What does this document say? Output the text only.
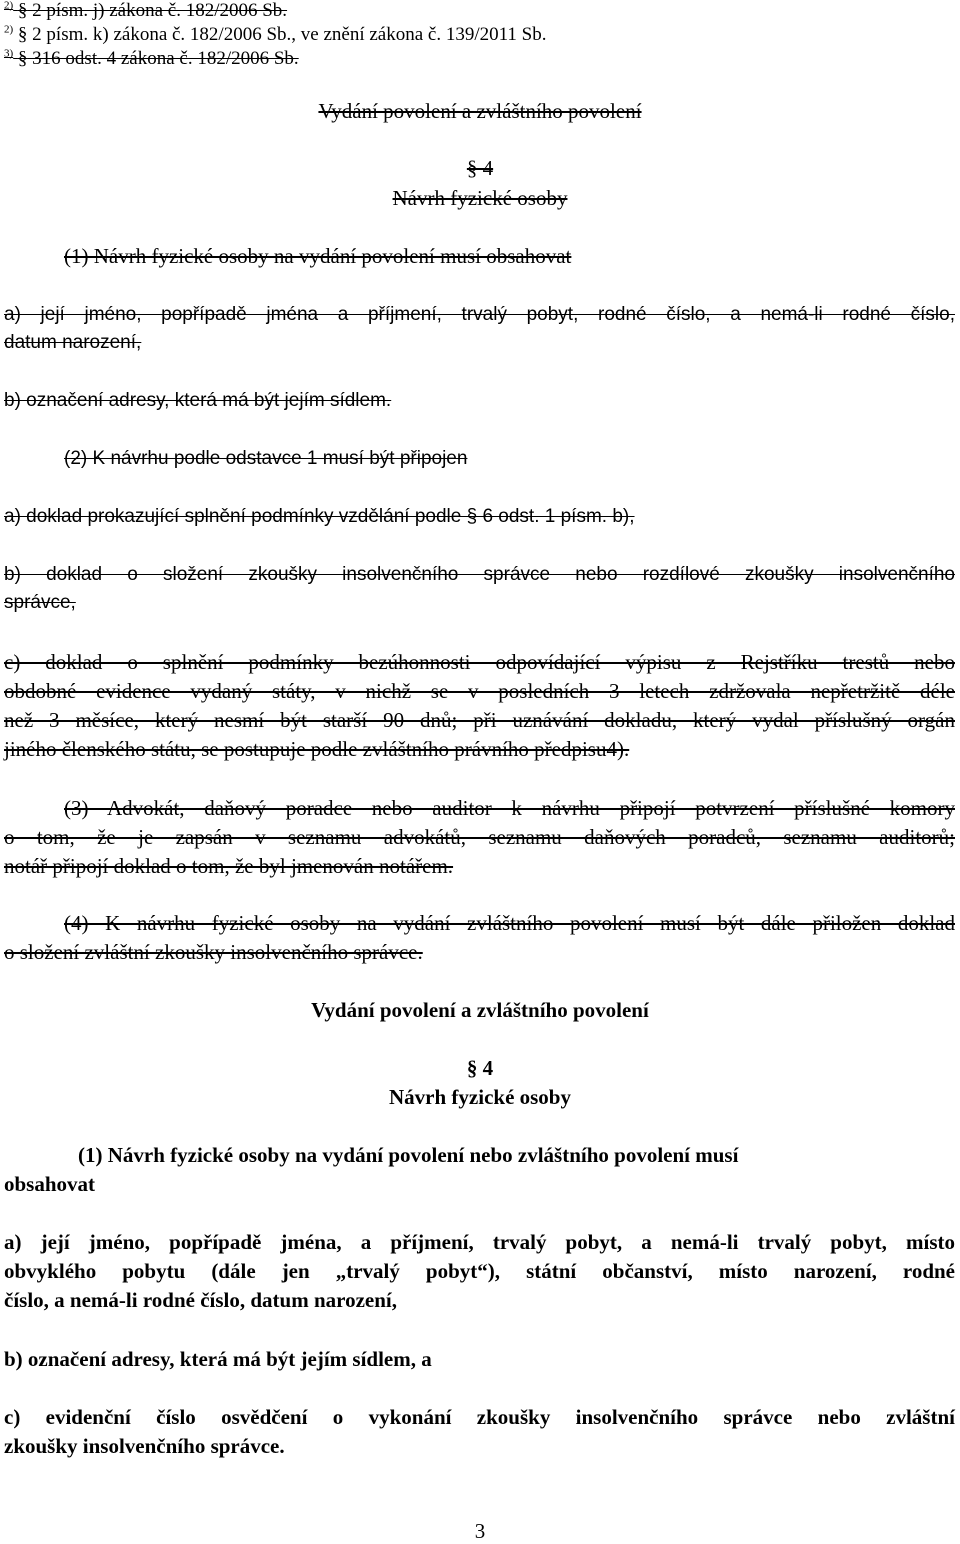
$^{2)}$ § 2 písm. j) zákona č. 182/2006 Sb.
$^{2)}$ § 2 písm. k) zákona č. 182/2006 Sb., ve znění zákona č. 139/2011 Sb.
$^{3)}$ § 316 odst. 4 zákona č. 182/2006 Sb.
Vydání povolení a zvláštního povolení
§ 4
Návrh fyzické osoby
(1) Návrh fyzické osoby na vydání povolení musí obsahovat
a) její jméno, popřípadě jména a příjmení, trvalý pobyt, rodné číslo, a nemá-li rodné číslo,
datum narození,
b) označení adresy, která má být jejím sídlem.
(2) K návrhu podle odstavce 1 musí být připojen
a) doklad prokazující splnění podmínky vzdělání podle § 6 odst. 1 písm. b),
b) doklad o složení zkoušky insolvenčního správce nebo rozdílové zkoušky insolvenčního
správce,
c) doklad o splnění podmínky bezúhonnosti odpovídající výpisu z Rejstříku trestů nebo
obdobné evidence vydaný státy, v nichž se v posledních 3 letech zdržovala nepřetržitě déle
než 3 měsíce, který nesmí být starší 90 dnů; při uznávání dokladu, který vydal příslušný orgán
jiného členského státu, se postupuje podle zvláštního právního předpisu4).
(3) Advokát, daňový poradce nebo auditor k návrhu připojí potvrzení příslušné komory
o tom, že je zapsán v seznamu advokátů, seznamu daňových poradců, seznamu auditorů;
notář připojí doklad o tom, že byl jmenován notářem.
(4) K návrhu fyzické osoby na vydání zvláštního povolení musí být dále přiložen doklad
o složení zvláštní zkoušky insolvenčního správce.
Vydání povolení a zvláštního povolení
§ 4
Návrh fyzické osoby
(1) Návrh fyzické osoby na vydání povolení nebo zvláštního povolení musí
obsahovat
a) její jméno, popřípadě jména, a příjmení, trvalý pobyt, a nemá-li trvalý pobyt, místo
obvyklého pobytu (dále jen „trvalý pobyt“), státní občanství, místo narození, rodné
číslo, a nemá-li rodné číslo, datum narození,
b) označení adresy, která má být jejím sídlem, a
c) evidenční číslo osvědčení o vykonání zkoušky insolvenčního správce nebo zvláštní
zkoušky insolvenčního správce.
3
